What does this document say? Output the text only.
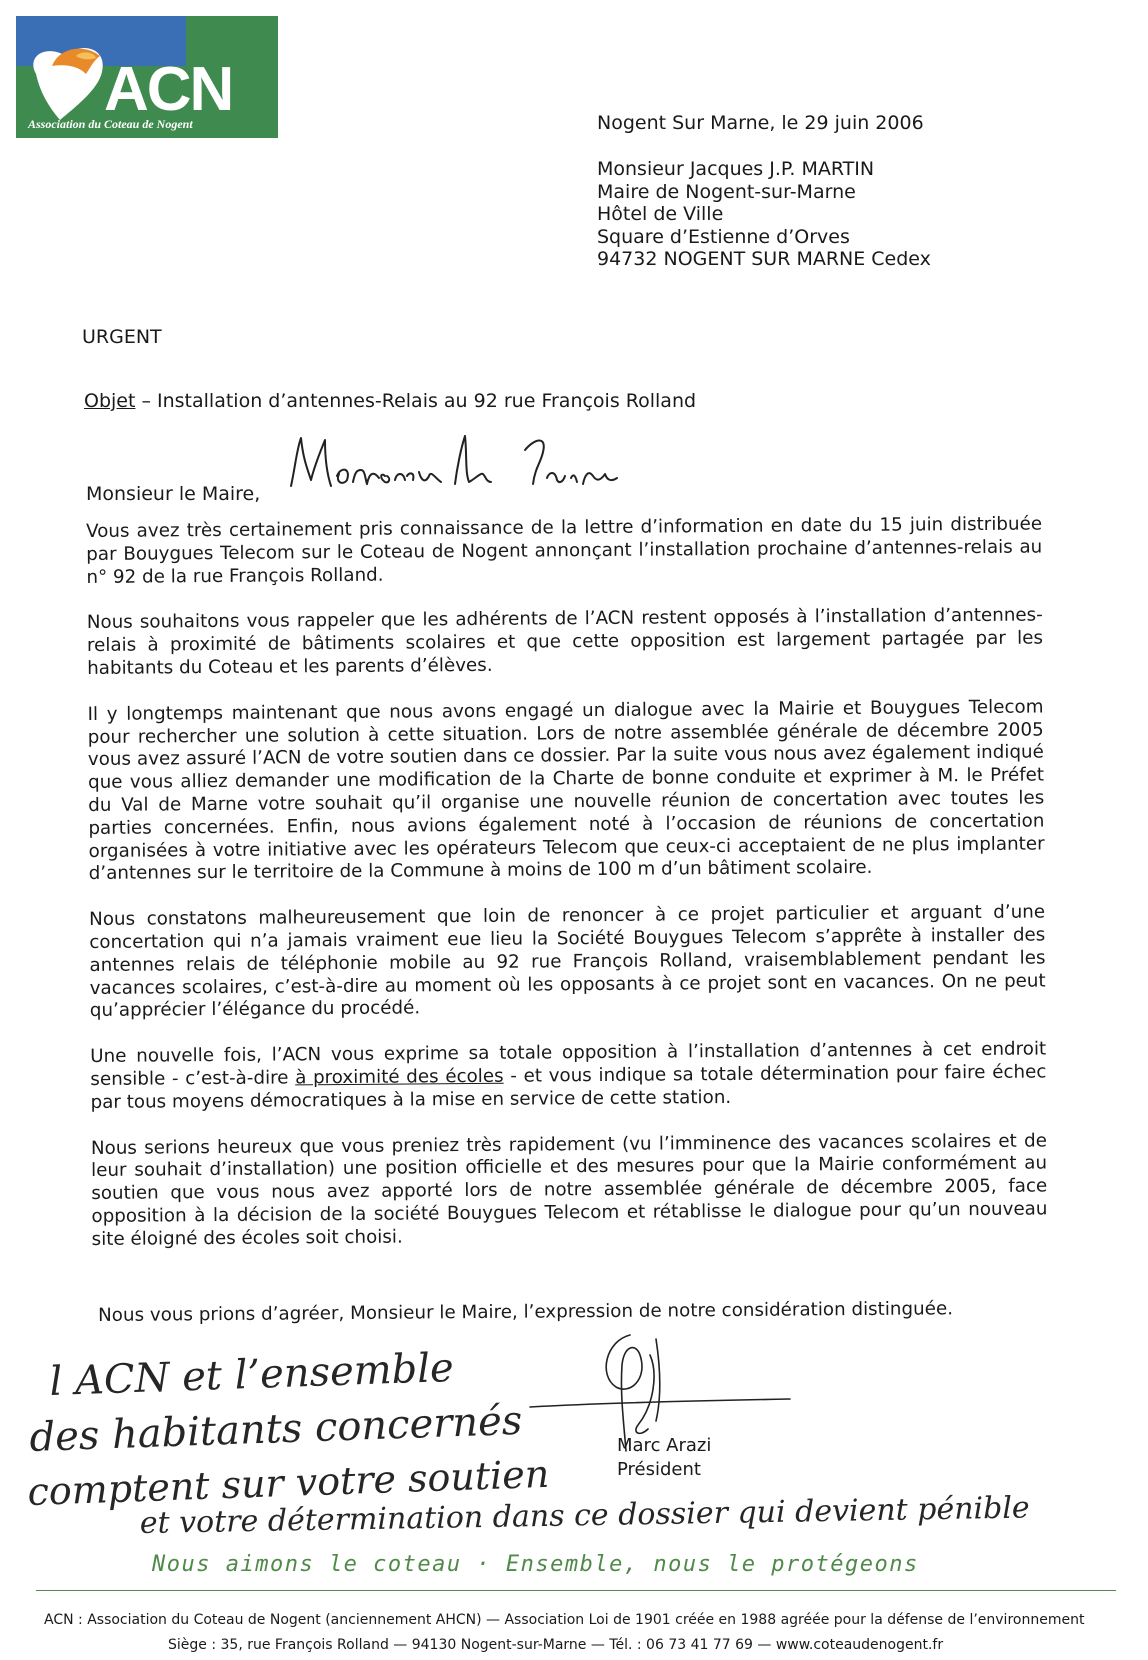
ACN
Association du Coteau de Nogent	Nogent Sur Marne, le 29 juin 2006
Monsieur Jacques J.P. MARTIN
Maire de Nogent-sur-Marne
Hôtel de Ville
Square d’Estienne d’Orves
94732 NOGENT SUR MARNE Cedex
URGENT
Objet – Installation d’antennes-Relais au 92 rue François Rolland
Monsieur le Maire,

Vous avez très certainement pris connaissance de la lettre d’information en date du 15 juin distribuée par Bouygues Telecom sur le Coteau de Nogent annonçant l’installation prochaine d’antennes-relais au n° 92 de la rue François Rolland.

Nous souhaitons vous rappeler que les adhérents de l’ACN restent opposés à l’installation d’antennes-relais à proximité de bâtiments scolaires et que cette opposition est largement partagée par les habitants du Coteau et les parents d’élèves.

Il y longtemps maintenant que nous avons engagé un dialogue avec la Mairie et Bouygues Telecom pour rechercher une solution à cette situation. Lors de notre assemblée générale de décembre 2005 vous avez assuré l’ACN de votre soutien dans ce dossier. Par la suite vous nous avez également indiqué que vous alliez demander une modification de la Charte de bonne conduite et exprimer à M. le Préfet du Val de Marne votre souhait qu’il organise une nouvelle réunion de concertation avec toutes les parties concernées. Enfin, nous avions également noté à l’occasion de réunions de concertation organisées à votre initiative avec les opérateurs Telecom que ceux-ci acceptaient de ne plus implanter d’antennes sur le territoire de la Commune à moins de 100 m d’un bâtiment scolaire.

Nous constatons malheureusement que loin de renoncer à ce projet particulier et arguant d’une concertation qui n’a jamais vraiment eue lieu la Société Bouygues Telecom s’apprête à installer des antennes relais de téléphonie mobile au 92 rue François Rolland, vraisemblablement pendant les vacances scolaires, c’est-à-dire au moment où les opposants à ce projet sont en vacances. On ne peut qu’apprécier l’élégance du procédé.

Une nouvelle fois, l’ACN vous exprime sa totale opposition à l’installation d’antennes à cet endroit sensible - c’est-à-dire à proximité des écoles - et vous indique sa totale détermination pour faire échec par tous moyens démocratiques à la mise en service de cette station.

Nous serions heureux que vous preniez très rapidement (vu l’imminence des vacances scolaires et de leur souhait d’installation) une position officielle et des mesures pour que la Mairie conformément au soutien que vous nous avez apporté lors de notre assemblée générale de décembre 2005, face opposition à la décision de la société Bouygues Telecom et rétablisse le dialogue pour qu’un nouveau site éloigné des écoles soit choisi.

Nous vous prions d’agréer, Monsieur le Maire, l’expression de notre considération distinguée.
Marc Arazi
Président
l ACN et l’ensemble
des habitants concernés
comptent sur votre soutien
et votre détermination dans ce dossier qui devient pénible
Nous aimons le coteau · Ensemble, nous le protégeons
ACN : Association du Coteau de Nogent (anciennement AHCN) — Association Loi de 1901 créée en 1988 agréée pour la défense de l’environnement
Siège : 35, rue François Rolland — 94130 Nogent-sur-Marne — Tél. : 06 73 41 77 69 — www.coteaudenogent.fr
